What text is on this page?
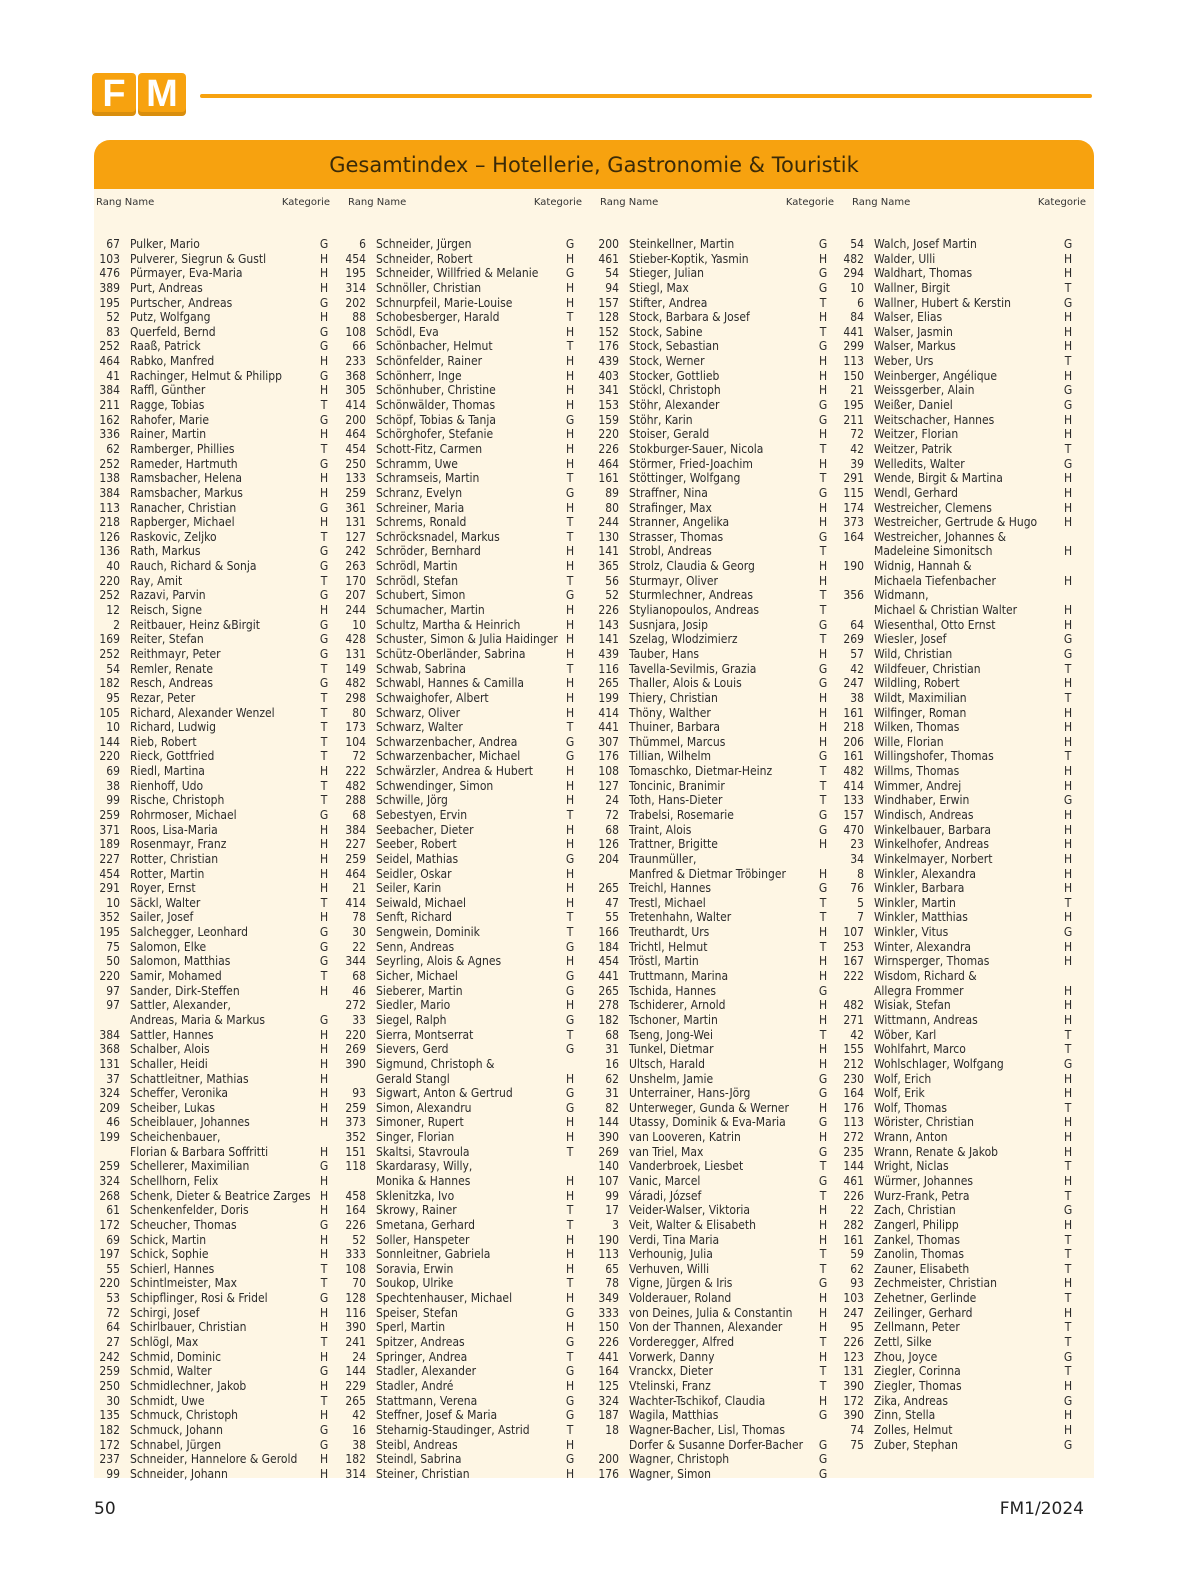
F M
Gesamtindex – Hotellerie, Gastronomie & Touristik
Rang Name	Kategorie Rang Name	Kategorie Rang Name	Kategorie Rang Name	Kategorie
67 Pulker, Mario	G
103 Pulverer, Siegrun & Gustl	H
476 Pürmayer, Eva-Maria	H
389 Purt, Andreas	H
195 Purtscher, Andreas	G
52 Putz, Wolfgang	H
83 Querfeld, Bernd	G
252 Raaß, Patrick	G
464 Rabko, Manfred	H
41 Rachinger, Helmut & Philipp	G
384 Raffl, Günther	H
211 Ragge, Tobias	T
162 Rahofer, Marie	G
336 Rainer, Martin	H
62 Ramberger, Phillies	T
252 Rameder, Hartmuth	G
138 Ramsbacher, Helena	H
384 Ramsbacher, Markus	H
113 Ranacher, Christian	G
218 Rapberger, Michael	H
126 Raskovic, Zeljko	T
136 Rath, Markus	G
40 Rauch, Richard & Sonja	G
220 Ray, Amit	T
252 Razavi, Parvin	G
12 Reisch, Signe	H
2 Reitbauer, Heinz &Birgit	G
169 Reiter, Stefan	G
252 Reithmayr, Peter	G
54 Remler, Renate	T
182 Resch, Andreas	G
95 Rezar, Peter	T
105 Richard, Alexander Wenzel	T
10 Richard, Ludwig	T
144 Rieb, Robert	T
220 Rieck, Gottfried	T
69 Riedl, Martina	H
38 Rienhoff, Udo	T
99 Rische, Christoph	T
259 Rohrmoser, Michael	G
371 Roos, Lisa-Maria	H
189 Rosenmayr, Franz	H
227 Rotter, Christian	H
454 Rotter, Martin	H
291 Royer, Ernst	H
10 Säckl, Walter	T
352 Sailer, Josef	H
195 Salchegger, Leonhard	G
75 Salomon, Elke	G
50 Salomon, Matthias	G
220 Samir, Mohamed	T
97 Sander, Dirk-Steffen	H
97 Sattler, Alexander,
Andreas, Maria & Markus	G
384 Sattler, Hannes	H
368 Schalber, Alois	H
131 Schaller, Heidi	H
37 Schattleitner, Mathias	H
324 Scheffer, Veronika	H
209 Scheiber, Lukas	H
46 Scheiblauer, Johannes	H
199 Scheichenbauer,
Florian & Barbara Soffritti	H
259 Schellerer, Maximilian	G
324 Schellhorn, Felix	H
268 Schenk, Dieter & Beatrice Zarges H
61 Schenkenfelder, Doris	H
172 Scheucher, Thomas	G
69 Schick, Martin	H
197 Schick, Sophie	H
55 Schierl, Hannes	T
220 Schintlmeister, Max	T
53 Schipflinger, Rosi & Fridel	G
72 Schirgi, Josef	H
64 Schirlbauer, Christian	H
27 Schlögl, Max	T
242 Schmid, Dominic	H
259 Schmid, Walter	G
250 Schmidlechner, Jakob	H
30 Schmidt, Uwe	T
135 Schmuck, Christoph	H
182 Schmuck, Johann	G
172 Schnabel, Jürgen	G
237 Schneider, Hannelore & Gerold H
99 Schneider, Johann	H
6 Schneider, Jürgen	G
454 Schneider, Robert	H
195 Schneider, Willfried & Melanie G
314 Schnöller, Christian	H
202 Schnurpfeil, Marie-Louise	H
88 Schobesberger, Harald	T
108 Schödl, Eva	H
66 Schönbacher, Helmut	T
233 Schönfelder, Rainer	H
368 Schönherr, Inge	H
305 Schönhuber, Christine	H
414 Schönwälder, Thomas	H
200 Schöpf, Tobias & Tanja	G
464 Schörghofer, Stefanie	H
454 Schott-Fitz, Carmen	H
250 Schramm, Uwe	H
133 Schramseis, Martin	T
259 Schranz, Evelyn	G
361 Schreiner, Maria	H
131 Schrems, Ronald	T
127 Schröcksnadel, Markus	T
242 Schröder, Bernhard	H
263 Schrödl, Martin	H
170 Schrödl, Stefan	T
207 Schubert, Simon	G
244 Schumacher, Martin	H
10 Schultz, Martha & Heinrich	H
428 Schuster, Simon & Julia Haidinger H
131 Schütz-Oberländer, Sabrina	H
149 Schwab, Sabrina	T
482 Schwabl, Hannes & Camilla	H
298 Schwaighofer, Albert	H
80 Schwarz, Oliver	H
173 Schwarz, Walter	T
104 Schwarzenbacher, Andrea	G
72 Schwarzenbacher, Michael	G
222 Schwärzler, Andrea & Hubert	H
482 Schwendinger, Simon	H
288 Schwille, Jörg	H
68 Sebestyen, Ervin	T
384 Seebacher, Dieter	H
227 Seeber, Robert	H
259 Seidel, Mathias	G
464 Seidler, Oskar	H
21 Seiler, Karin	H
414 Seiwald, Michael	H
78 Senft, Richard	T
30 Sengwein, Dominik	T
22 Senn, Andreas	G
344 Seyrling, Alois & Agnes	H
68 Sicher, Michael	G
46 Sieberer, Martin	G
272 Siedler, Mario	H
33 Siegel, Ralph	G
220 Sierra, Montserrat	T
269 Sievers, Gerd	G
390 Sigmund, Christoph &
Gerald Stangl	H
93 Sigwart, Anton & Gertrud	G
259 Simon, Alexandru	G
373 Simoner, Rupert	H
352 Singer, Florian	H
151 Skaltsi, Stavroula	T
118 Skardarasy, Willy,
Monika & Hannes	H
458 Sklenitzka, Ivo	H
164 Skrowy, Rainer	T
226 Smetana, Gerhard	T
52 Soller, Hanspeter	H
333 Sonnleitner, Gabriela	H
108 Soravia, Erwin	H
70 Soukop, Ulrike	T
128 Spechtenhauser, Michael	H
116 Speiser, Stefan	G
390 Sperl, Martin	H
241 Spitzer, Andreas	G
24 Springer, Andrea	T
144 Stadler, Alexander	G
229 Stadler, André	H
265 Stattmann, Verena	G
42 Steffner, Josef & Maria	G
16 Steharnig-Staudinger, Astrid	T
38 Steibl, Andreas	H
182 Steindl, Sabrina	G
314 Steiner, Christian	H
200 Steinkellner, Martin	G
461 Stieber-Koptik, Yasmin	H
54 Stieger, Julian	G
94 Stiegl, Max	G
157 Stifter, Andrea	T
128 Stock, Barbara & Josef	H
152 Stock, Sabine	T
176 Stock, Sebastian	G
439 Stock, Werner	H
403 Stocker, Gottlieb	H
341 Stöckl, Christoph	H
153 Stöhr, Alexander	G
159 Stöhr, Karin	G
220 Stoiser, Gerald	H
226 Stokburger-Sauer, Nicola	T
464 Störmer, Fried-Joachim	H
161 Stöttinger, Wolfgang	T
89 Straffner, Nina	G
80 Strafinger, Max	H
244 Stranner, Angelika	H
130 Strasser, Thomas	G
141 Strobl, Andreas	T
365 Strolz, Claudia & Georg	H
56 Sturmayr, Oliver	H
52 Sturmlechner, Andreas	T
226 Stylianopoulos, Andreas	T
143 Susnjara, Josip	G
141 Szelag, Wlodzimierz	T
439 Tauber, Hans	H
116 Tavella-Sevilmis, Grazia	G
265 Thaller, Alois & Louis	G
199 Thiery, Christian	H
414 Thöny, Walther	H
441 Thuiner, Barbara	H
307 Thümmel, Marcus	H
176 Tillian, Wilhelm	G
108 Tomaschko, Dietmar-Heinz	T
127 Toncinic, Branimir	T
24 Toth, Hans-Dieter	T
72 Trabelsi, Rosemarie	G
68 Traint, Alois	G
126 Trattner, Brigitte	H
204 Traunmüller,
Manfred & Dietmar Tröbinger	H
265 Treichl, Hannes	G
47 Trestl, Michael	T
55 Tretenhahn, Walter	T
166 Treuthardt, Urs	H
184 Trichtl, Helmut	T
454 Tröstl, Martin	H
441 Truttmann, Marina	H
265 Tschida, Hannes	G
278 Tschiderer, Arnold	H
182 Tschoner, Martin	H
68 Tseng, Jong-Wei	T
31 Tunkel, Dietmar	H
16 Ultsch, Harald	H
62 Unshelm, Jamie	G
31 Unterrainer, Hans-Jörg	G
82 Unterweger, Gunda & Werner	H
144 Utassy, Dominik & Eva-Maria	G
390 van Looveren, Katrin	H
269 van Triel, Max	G
140 Vanderbroek, Liesbet	T
107 Vanic, Marcel	G
99 Váradi, József	T
17 Veider-Walser, Viktoria	H
3 Veit, Walter & Elisabeth	H
190 Verdi, Tina Maria	H
113 Verhounig, Julia	T
65 Verhuven, Willi	T
78 Vigne, Jürgen & Iris	G
349 Volderauer, Roland	H
333 von Deines, Julia & Constantin H
150 Von der Thannen, Alexander	H
226 Vorderegger, Alfred	T
441 Vorwerk, Danny	H
164 Vranckx, Dieter	T
125 Vtelinski, Franz	T
324 Wachter-Tschikof, Claudia	H
187 Wagila, Matthias	G
18 Wagner-Bacher, Lisl, Thomas
Dorfer & Susanne Dorfer-Bacher G
200 Wagner, Christoph	G
176 Wagner, Simon	G
54 Walch, Josef Martin	G
482 Walder, Ulli	H
294 Waldhart, Thomas	H
10 Wallner, Birgit	T
6 Wallner, Hubert & Kerstin	G
84 Walser, Elias	H
441 Walser, Jasmin	H
299 Walser, Markus	H
113 Weber, Urs	T
150 Weinberger, Angélique	H
21 Weissgerber, Alain	G
195 Weißer, Daniel	G
211 Weitschacher, Hannes	H
72 Weitzer, Florian	H
42 Weitzer, Patrik	T
39 Welledits, Walter	G
291 Wende, Birgit & Martina	H
115 Wendl, Gerhard	H
174 Westreicher, Clemens	H
373 Westreicher, Gertrude & Hugo H
164 Westreicher, Johannes &
Madeleine Simonitsch	H
190 Widnig, Hannah &
Michaela Tiefenbacher	H
356 Widmann,
Michael & Christian Walter	H
64 Wiesenthal, Otto Ernst	H
269 Wiesler, Josef	G
57 Wild, Christian	G
42 Wildfeuer, Christian	T
247 Wildling, Robert	H
38 Wildt, Maximilian	T
161 Wilfinger, Roman	H
218 Wilken, Thomas	H
206 Wille, Florian	H
161 Willingshofer, Thomas	T
482 Willms, Thomas	H
414 Wimmer, Andrej	H
133 Windhaber, Erwin	G
157 Windisch, Andreas	H
470 Winkelbauer, Barbara	H
23 Winkelhofer, Andreas	H
34 Winkelmayer, Norbert	H
8 Winkler, Alexandra	H
76 Winkler, Barbara	H
5 Winkler, Martin	T
7 Winkler, Matthias	H
107 Winkler, Vitus	G
253 Winter, Alexandra	H
167 Wirnsperger, Thomas	H
222 Wisdom, Richard &
Allegra Frommer	H
482 Wisiak, Stefan	H
271 Wittmann, Andreas	H
42 Wöber, Karl	T
155 Wohlfahrt, Marco	T
212 Wohlschlager, Wolfgang	G
230 Wolf, Erich	H
164 Wolf, Erik	H
176 Wolf, Thomas	T
113 Wörister, Christian	H
272 Wrann, Anton	H
235 Wrann, Renate & Jakob	H
144 Wright, Niclas	T
461 Würmer, Johannes	H
226 Wurz-Frank, Petra	T
22 Zach, Christian	G
282 Zangerl, Philipp	H
161 Zankel, Thomas	T
59 Zanolin, Thomas	T
62 Zauner, Elisabeth	T
93 Zechmeister, Christian	H
103 Zehetner, Gerlinde	T
247 Zeilinger, Gerhard	H
95 Zellmann, Peter	T
226 Zettl, Silke	T
123 Zhou, Joyce	G
131 Ziegler, Corinna	T
390 Ziegler, Thomas	H
172 Zika, Andreas	G
390 Zinn, Stella	H
74 Zolles, Helmut	H
75 Zuber, Stephan	G
50	FM1/2024
